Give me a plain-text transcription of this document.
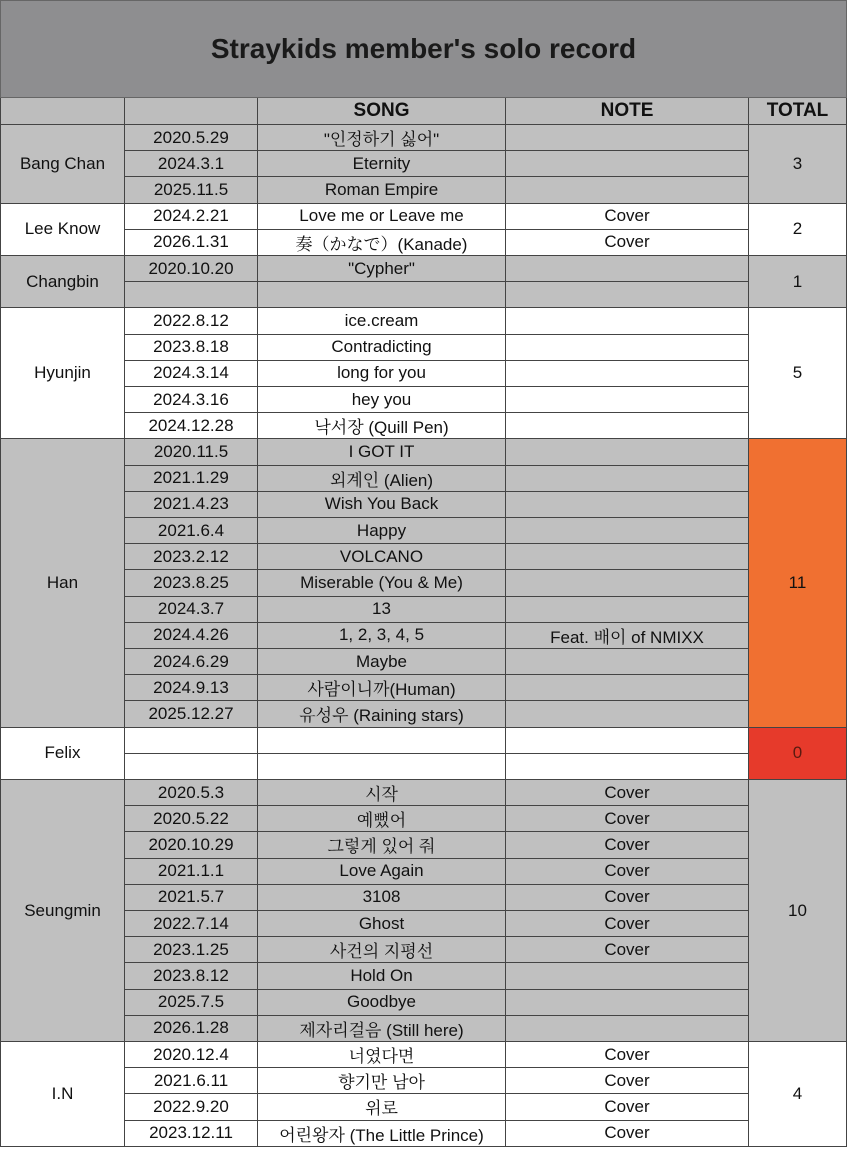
Straykids member's solo record
SONG	NOTE	TOTAL
Bang Chan
2020.5.29	"인정하기 싫어"
2024.3.1	Eternity
2025.11.5	Roman Empire
3
Lee Know
2024.2.21	Love me or Leave me	Cover
2026.1.31	奏（かなで）(Kanade)	Cover
2
Changbin
2020.10.20	"Cypher"
1
Hyunjin
2022.8.12	ice.cream
2023.8.18	Contradicting
2024.3.14	long for you
2024.3.16	hey you
2024.12.28	낙서장 (Quill Pen)
5
Han
2020.11.5	I GOT IT
2021.1.29	외계인 (Alien)
2021.4.23	Wish You Back
2021.6.4	Happy
2023.2.12	VOLCANO
2023.8.25	Miserable (You & Me)
2024.3.7	13
2024.4.26	1, 2, 3, 4, 5	Feat. 배이 of NMIXX
2024.6.29	Maybe
2024.9.13	사람이니까(Human)
2025.12.27	유성우 (Raining stars)
11
Felix	0
Seungmin
2020.5.3	시작	Cover
2020.5.22	예뻤어	Cover
2020.10.29	그렇게 있어 줘	Cover
2021.1.1	Love Again	Cover
2021.5.7	3108	Cover
2022.7.14	Ghost	Cover
2023.1.25	사건의 지평선	Cover
2023.8.12	Hold On
2025.7.5	Goodbye
2026.1.28	제자리걸음 (Still here)
10
I.N
2020.12.4	너였다면	Cover
2021.6.11	향기만 남아	Cover
2022.9.20	위로	Cover
2023.12.11	어린왕자 (The Little Prince)	Cover
4
